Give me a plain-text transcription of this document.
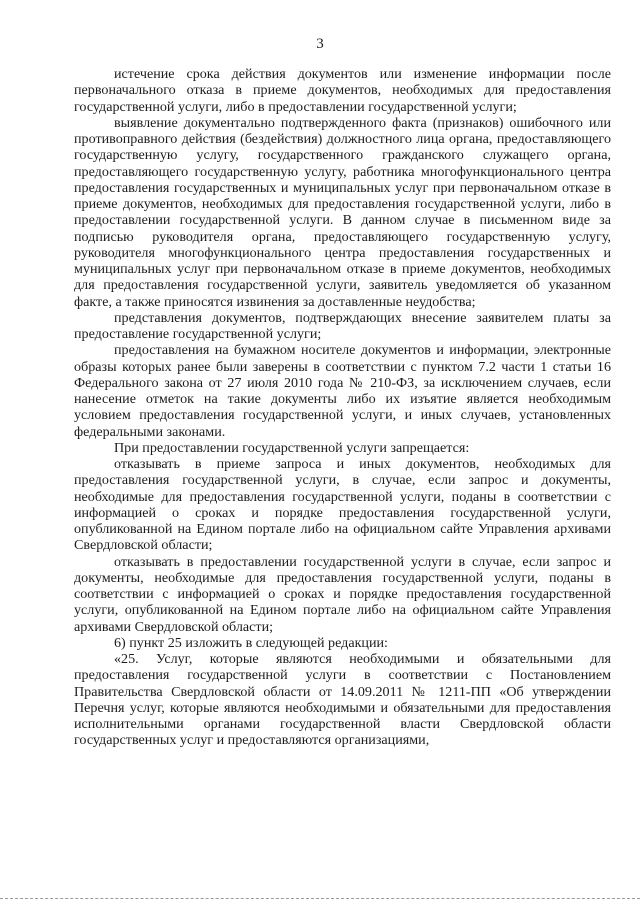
3

истечение срока действия документов или изменение информации после первоначального отказа в приеме документов, необходимых для предоставления государственной услуги, либо в предоставлении государственной услуги;

выявление документально подтвержденного факта (признаков) ошибочного или противоправного действия (бездействия) должностного лица органа, предоставляющего государственную услугу, государственного гражданского служащего органа, предоставляющего государственную услугу, работника многофункционального центра предоставления государственных и муниципальных услуг при первоначальном отказе в приеме документов, необходимых для предоставления государственной услуги, либо в предоставлении государственной услуги. В данном случае в письменном виде за подписью руководителя органа, предоставляющего государственную услугу, руководителя многофункционального центра предоставления государственных и муниципальных услуг при первоначальном отказе в приеме документов, необходимых для предоставления государственной услуги, заявитель уведомляется об указанном факте, а также приносятся извинения за доставленные неудобства;

представления документов, подтверждающих внесение заявителем платы за предоставление государственной услуги;

предоставления на бумажном носителе документов и информации, электронные образы которых ранее были заверены в соответствии с пунктом 7.2 части 1 статьи 16 Федерального закона от 27 июля 2010 года № 210-ФЗ, за исключением случаев, если нанесение отметок на такие документы либо их изъятие является необходимым условием предоставления государственной услуги, и иных случаев, установленных федеральными законами.

При предоставлении государственной услуги запрещается:

отказывать в приеме запроса и иных документов, необходимых для предоставления государственной услуги, в случае, если запрос и документы, необходимые для предоставления государственной услуги, поданы в соответствии с информацией о сроках и порядке предоставления государственной услуги, опубликованной на Едином портале либо на официальном сайте Управления архивами Свердловской области;

отказывать в предоставлении государственной услуги в случае, если запрос и документы, необходимые для предоставления государственной услуги, поданы в соответствии с информацией о сроках и порядке предоставления государственной услуги, опубликованной на Едином портале либо на официальном сайте Управления архивами Свердловской области;

6) пункт 25 изложить в следующей редакции:

«25. Услуг, которые являются необходимыми и обязательными для предоставления государственной услуги в соответствии с Постановлением Правительства Свердловской области от 14.09.2011 № 1211-ПП «Об утверждении Перечня услуг, которые являются необходимыми и обязательными для предоставления исполнительными органами государственной власти Свердловской области государственных услуг и предоставляются организациями,
